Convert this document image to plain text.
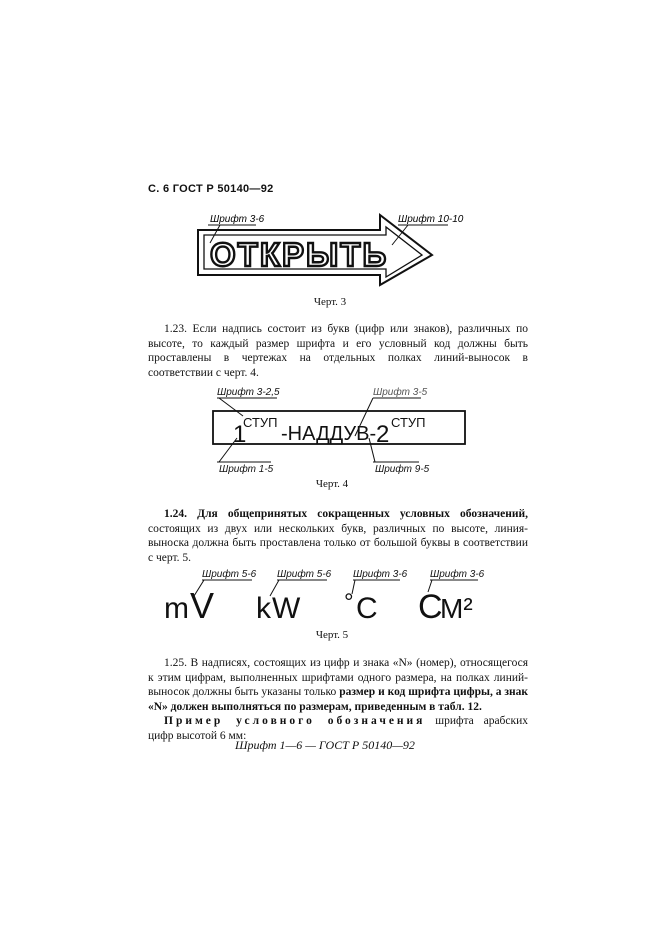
С. 6 ГОСТ Р 50140—92
ОТКРЫТЬ
Шрифт 3-6	Шрифт 10-10
Черт. 3

1.23. Если надпись состоит из букв (цифр или знаков), различных по высоте, то каждый размер шрифта и его условный код должны быть проставлены в чертежах на отдельных полках линий-выносок в соответствии с черт. 4.

1
СТУП
-НАДДУВ- 2 СТУП
Шрифт 3-2,5	Шрифт 3-5
Шрифт 1-5	Шрифт 9-5
Черт. 4

1.24. Для общепринятых сокращенных условных обозначений, состоящих из двух или нескольких букв, различных по высоте, линия-выноска должна быть проставлена только от большой буквы в соответствии с черт. 5.

Шрифт 5-6 Шрифт 5-6 Шрифт 3-6 Шрифт 3-6
m V k W ° C C
M²
Черт. 5

1.25. В надписях, состоящих из цифр и знака «N» (номер), относящегося к этим цифрам, выполненных шрифтами одного размера, на полках линий-выносок должны быть указаны только размер и код шрифта цифры, а знак «N» должен выполняться по размерам, приведенным в табл. 12.

Пример условного обозначения шрифта арабских цифр высотой 6 мм:

Шрифт 1—6 — ГОСТ Р 50140—92
